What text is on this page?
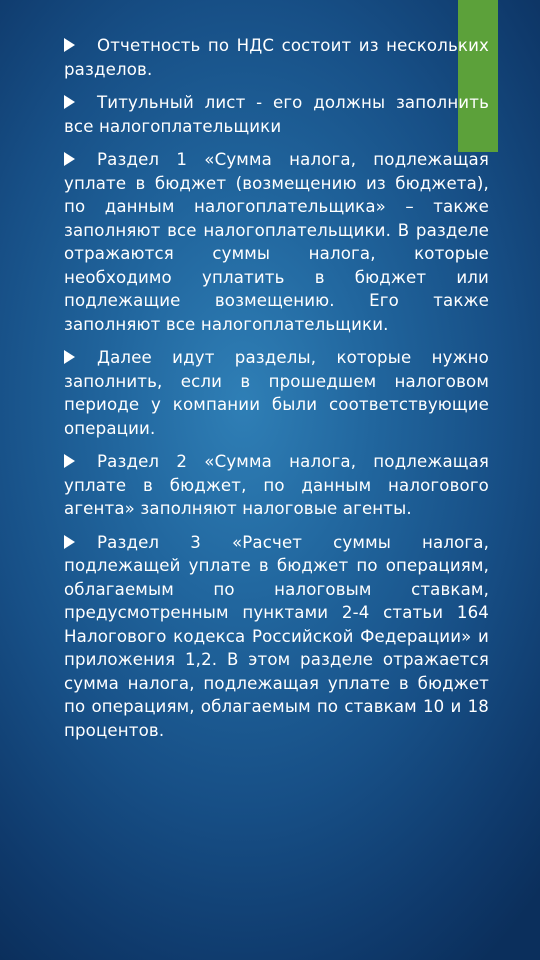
Отчетность по НДС состоит из нескольких разделов.

Титульный лист - его должны заполнить все налогоплательщики

Раздел 1 «Сумма налога, подлежащая уплате в бюджет (возмещению из бюджета), по данным налогоплательщика» – также заполняют все налогоплательщики. В разделе отражаются суммы налога, которые необходимо уплатить в бюджет или подлежащие возмещению. Его также заполняют все налогоплательщики.

Далее идут разделы, которые нужно заполнить, если в прошедшем налоговом периоде у компании были соответствующие операции.

Раздел 2 «Сумма налога, подлежащая уплате в бюджет, по данным налогового агента» заполняют налоговые агенты.

Раздел 3 «Расчет суммы налога, подлежащей уплате в бюджет по операциям, облагаемым по налоговым ставкам, предусмотренным пунктами 2-4 статьи 164 Налогового кодекса Российской Федерации» и приложения 1,2. В этом разделе отражается сумма налога, подлежащая уплате в бюджет по операциям, облагаемым по ставкам 10 и 18 процентов.
